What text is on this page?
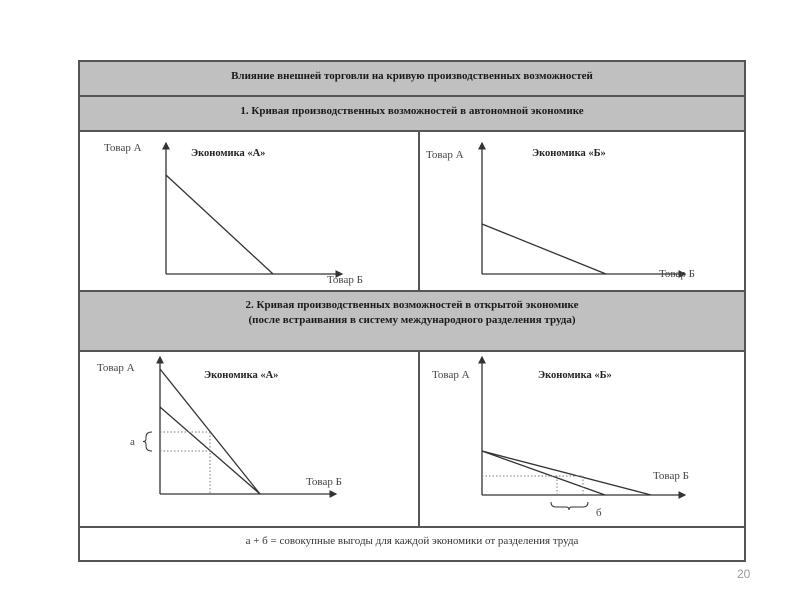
Влияние внешней торговли на кривую производственных возможностей
1. Кривая производственных возможностей в автономной экономике
2. Кривая производственных возможностей в открытой экономике
(после встраивания в систему международного разделения труда)
а + б = совокупные выгоды для каждой экономики от разделения труда
Товар А	Экономика «А»
Товар Б
Товар А	Экономика «Б»
Товар Б
а
Товар А
Экономика «А»
Товар Б
б
Товар А	Экономика «Б»
Товар Б
20
